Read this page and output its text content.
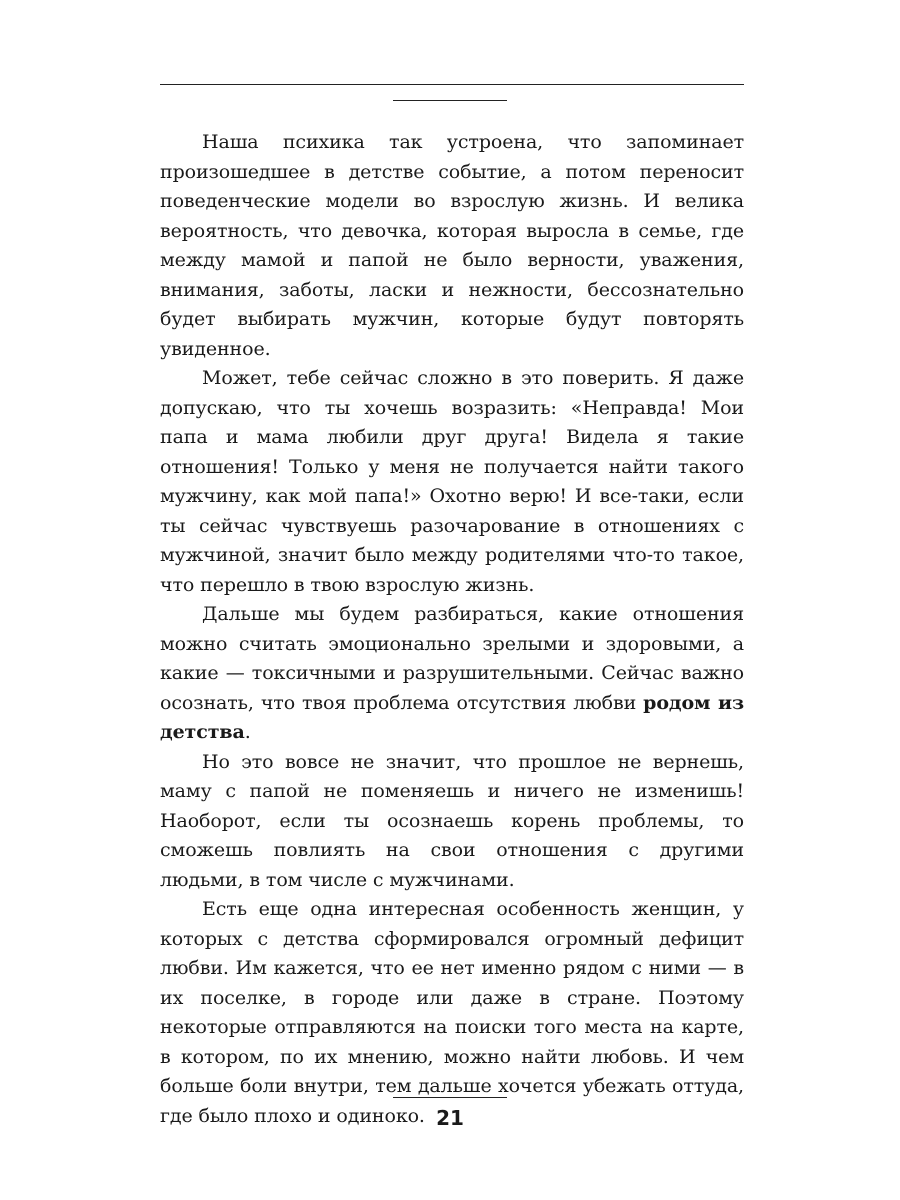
Наша психика так устроена, что запоминает произошедшее в детстве событие, а потом переносит поведенческие модели во взрослую жизнь. И велика вероятность, что девочка, которая выросла в семье, где между мамой и папой не было верности, уважения, внимания, заботы, ласки и нежности, бессознательно будет выбирать мужчин, которые будут повторять увиденное.

Может, тебе сейчас сложно в это поверить. Я даже допускаю, что ты хочешь возразить: «Неправда! Мои папа и мама любили друг друга! Видела я такие отношения! Только у меня не получается найти такого мужчину, как мой папа!» Охотно верю! И все-таки, если ты сейчас чувствуешь разочарование в отношениях с мужчиной, значит было между родителями что-то такое, что перешло в твою взрослую жизнь.

Дальше мы будем разбираться, какие отношения можно считать эмоционально зрелыми и здоровыми, а какие — токсичными и разрушительными. Сейчас важно осознать, что твоя проблема отсутствия любви родом из детства.

Но это вовсе не значит, что прошлое не вернешь, маму с папой не поменяешь и ничего не изменишь! Наоборот, если ты осознаешь корень проблемы, то сможешь повлиять на свои отношения с другими людьми, в том числе с мужчинами.

Есть еще одна интересная особенность женщин, у которых с детства сформировался огромный дефицит любви. Им кажется, что ее нет именно рядом с ними — в их поселке, в городе или даже в стране. Поэтому некоторые отправляются на поиски того места на карте, в котором, по их мнению, можно найти любовь. И чем больше боли внутри, тем дальше хочется убежать оттуда, где было плохо и одиноко. 21
